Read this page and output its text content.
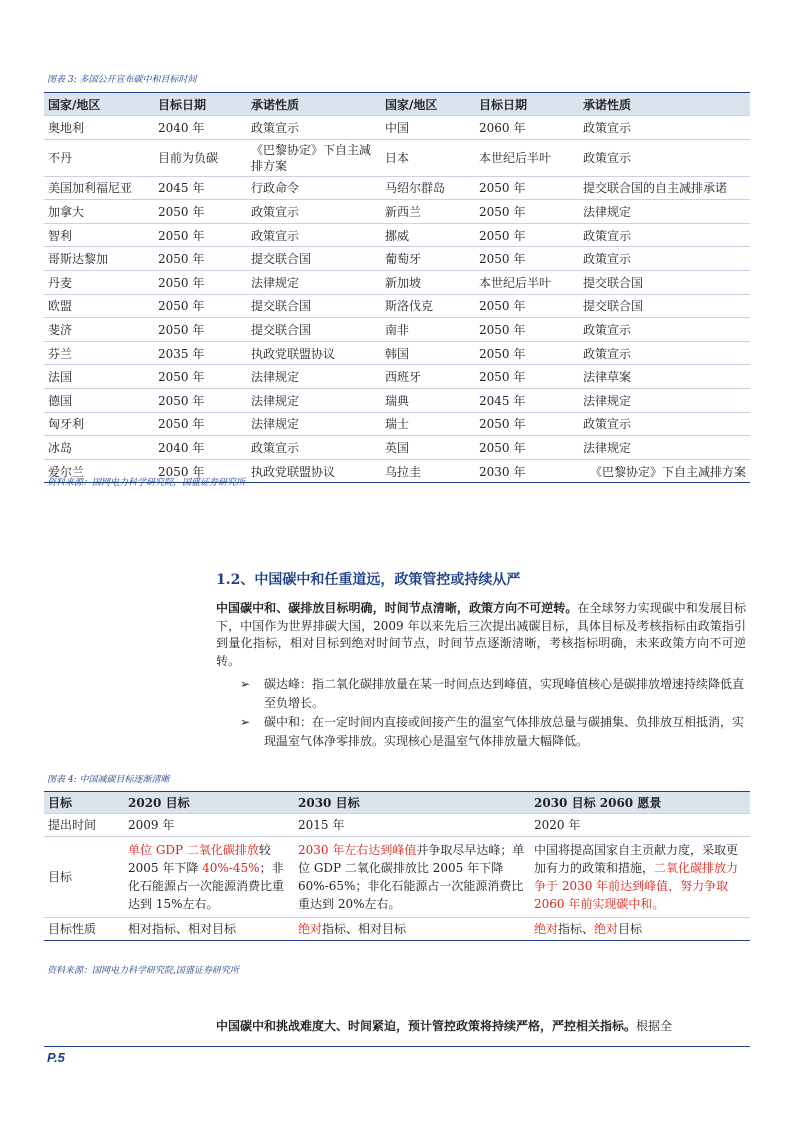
图表 3: 多国公开宣布碳中和目标时间
国家/地区	目标日期	承诺性质	国家/地区	目标日期	承诺性质
奥地利	2040 年	政策宣示	中国	2060 年	政策宣示
不丹	目前为负碳	《巴黎协定》下自主减排方案	日本	本世纪后半叶	政策宣示
美国加利福尼亚	2045 年	行政命令	马绍尔群岛	2050 年	提交联合国的自主减排承诺
加拿大	2050 年	政策宣示	新西兰	2050 年	法律规定
智利	2050 年	政策宣示	挪威	2050 年	政策宣示
哥斯达黎加	2050 年	提交联合国	葡萄牙	2050 年	政策宣示
丹麦	2050 年	法律规定	新加坡	本世纪后半叶	提交联合国
欧盟	2050 年	提交联合国	斯洛伐克	2050 年	提交联合国
斐济	2050 年	提交联合国	南非	2050 年	政策宣示
芬兰	2035 年	执政党联盟协议	韩国	2050 年	政策宣示
法国	2050 年	法律规定	西班牙	2050 年	法律草案
德国	2050 年	法律规定	瑞典	2045 年	法律规定
匈牙利	2050 年	法律规定	瑞士	2050 年	政策宣示
冰岛	2040 年	政策宣示	英国	2050 年	法律规定
爱尔兰	2050 年	执政党联盟协议	乌拉圭	2030 年	《巴黎协定》下自主减排方案
资料来源：国网电力科学研究院，国盛证券研究所
1.2、中国碳中和任重道远，政策管控或持续从严
中国碳中和、碳排放目标明确，时间节点清晰，政策方向不可逆转。在全球努力实现碳中和发展目标下，中国作为世界排碳大国，2009 年以来先后三次提出减碳目标，具体目标及考核指标由政策指引到量化指标，相对目标到绝对时间节点，时间节点逐渐清晰，考核指标明确，未来政策方向不可逆转。
➢ 碳达峰：指二氧化碳排放量在某一时间点达到峰值，实现峰值核心是碳排放增速持续降低直至负增长。
➢ 碳中和：在一定时间内直接或间接产生的温室气体排放总量与碳捕集、负排放互相抵消，实现温室气体净零排放。实现核心是温室气体排放量大幅降低。
图表 4: 中国减碳目标逐渐清晰
目标	2020 目标	2030 目标	2030 目标 2060 愿景
提出时间	2009 年	2015 年	2020 年
目标	单位 GDP 二氧化碳排放较 2005 年下降 40%-45%；非化石能源占一次能源消费比重达到 15%左右。	2030 年左右达到峰值并争取尽早达峰；单位 GDP 二氧化碳排放比 2005 年下降 60%-65%；非化石能源占一次能源消费比重达到 20%左右。	中国将提高国家自主贡献力度，采取更加有力的政策和措施，二氧化碳排放力争于 2030 年前达到峰值，努力争取 2060 年前实现碳中和。
目标性质	相对指标、相对目标	绝对指标、相对目标	绝对指标、绝对目标
资料来源：国网电力科学研究院,国盛证券研究所
中国碳中和挑战难度大、时间紧迫，预计管控政策将持续严格，严控相关指标。根据全
P.5
